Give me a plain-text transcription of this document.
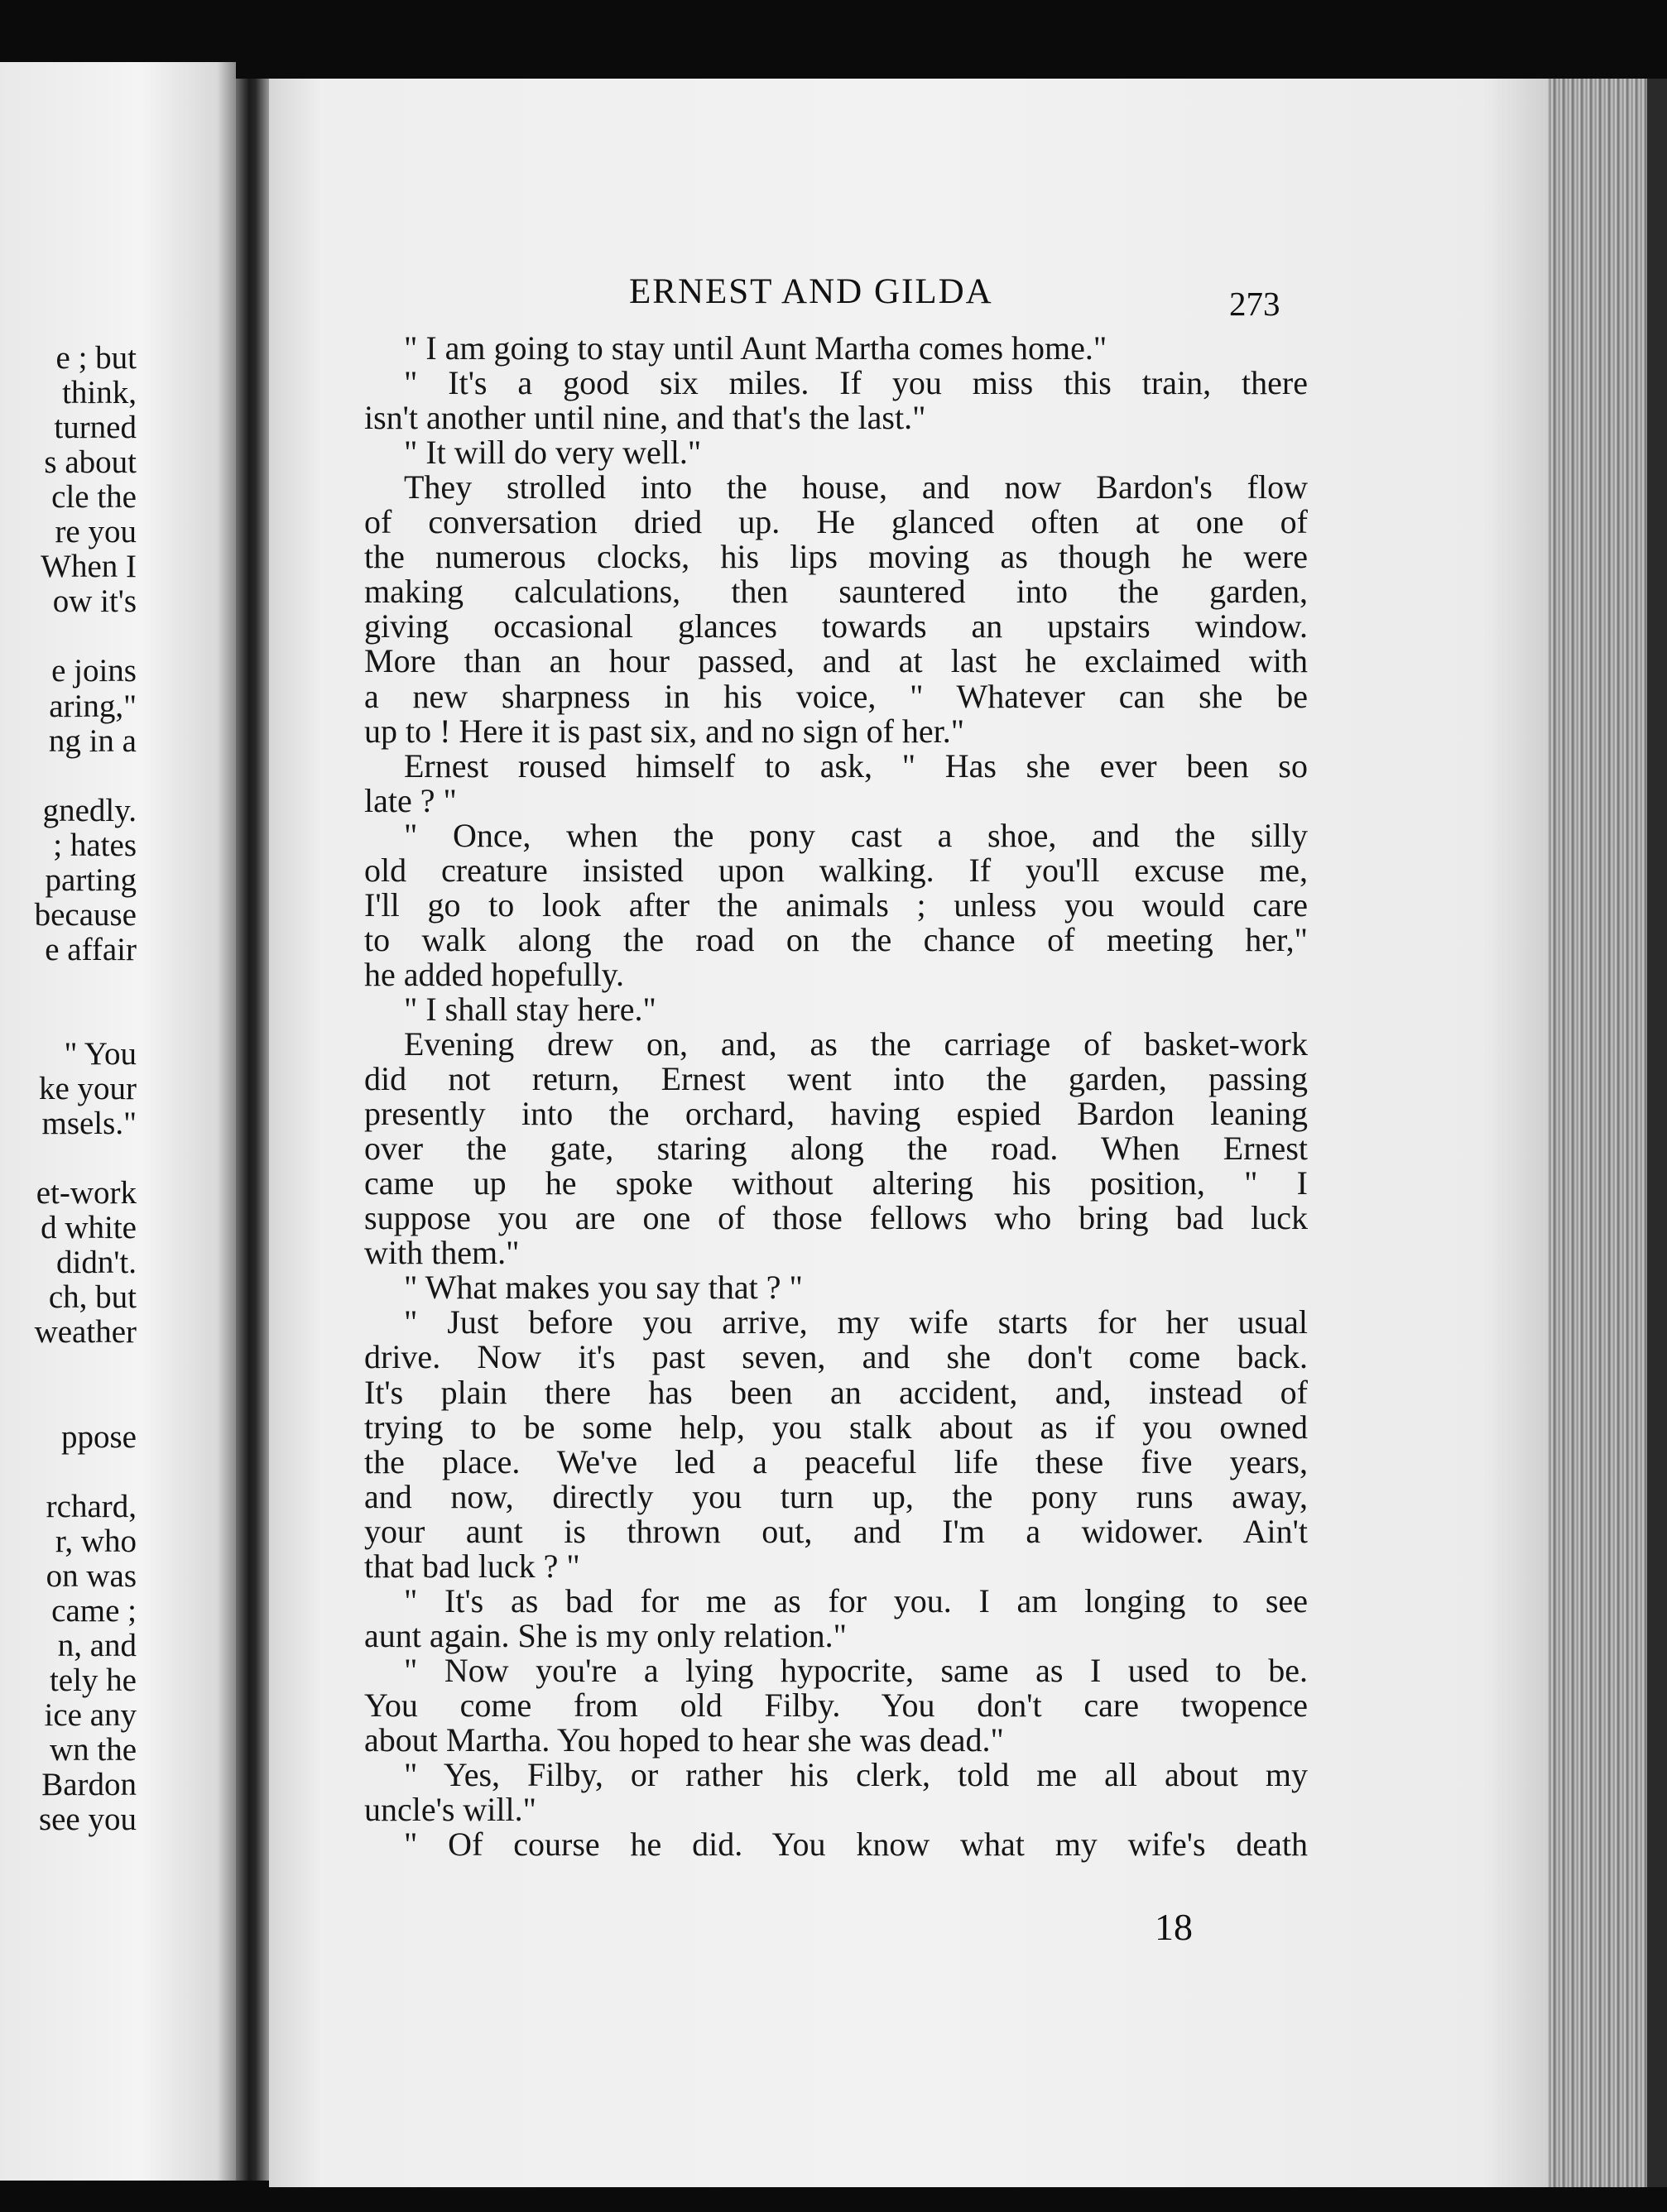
e ; but
think,
turned
s about
cle the
re you
When I
ow it's
e joins
aring,"
ng in a
gnedly.
; hates
parting
because
e affair
" You
ke your
msels."
et-work
d white
didn't.
ch, but
weather
ppose
rchard,
r, who
on was
came ;
n, and
tely he
ice any
wn the
Bardon
see you
ERNEST AND GILDA	273
" I am going to stay until Aunt Martha comes home."
" It's a good six miles. If you miss this train, there
isn't another until nine, and that's the last."
" It will do very well."
They strolled into the house, and now Bardon's flow
of conversation dried up. He glanced often at one of
the numerous clocks, his lips moving as though he were
making calculations, then sauntered into the garden,
giving occasional glances towards an upstairs window.
More than an hour passed, and at last he exclaimed with
a new sharpness in his voice, " Whatever can she be
up to ! Here it is past six, and no sign of her."
Ernest roused himself to ask, " Has she ever been so
late ? "
" Once, when the pony cast a shoe, and the silly
old creature insisted upon walking. If you'll excuse me,
I'll go to look after the animals ; unless you would care
to walk along the road on the chance of meeting her,"
he added hopefully.
" I shall stay here."
Evening drew on, and, as the carriage of basket-work
did not return, Ernest went into the garden, passing
presently into the orchard, having espied Bardon leaning
over the gate, staring along the road. When Ernest
came up he spoke without altering his position, " I
suppose you are one of those fellows who bring bad luck
with them."
" What makes you say that ? "
" Just before you arrive, my wife starts for her usual
drive. Now it's past seven, and she don't come back.
It's plain there has been an accident, and, instead of
trying to be some help, you stalk about as if you owned
the place. We've led a peaceful life these five years,
and now, directly you turn up, the pony runs away,
your aunt is thrown out, and I'm a widower. Ain't
that bad luck ? "
" It's as bad for me as for you. I am longing to see
aunt again. She is my only relation."
" Now you're a lying hypocrite, same as I used to be.
You come from old Filby. You don't care twopence
about Martha. You hoped to hear she was dead."
" Yes, Filby, or rather his clerk, told me all about my
uncle's will."
" Of course he did. You know what my wife's death
18
